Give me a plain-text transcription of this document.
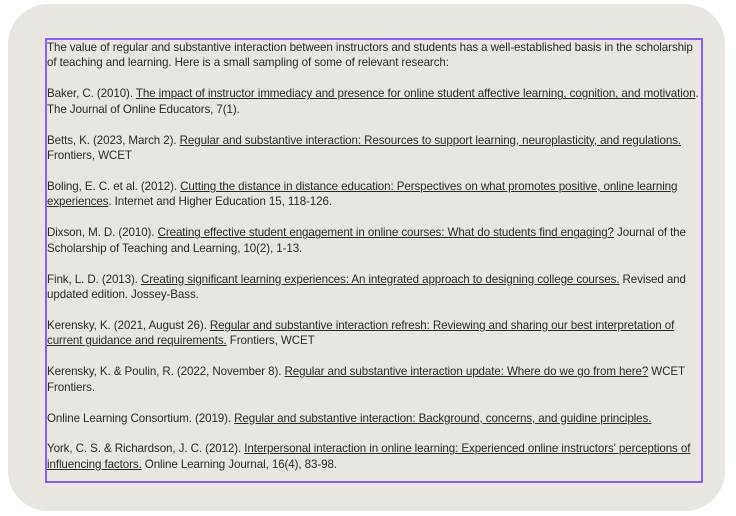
The value of regular and substantive interaction between instructors and students has a well-established basis in the scholarship of teaching and learning. Here is a small sampling of some of relevant research:

Baker, C. (2010). The impact of instructor immediacy and presence for online student affective learning, cognition, and motivation. The Journal of Online Educators, 7(1).

Betts, K. (2023, March 2). Regular and substantive interaction: Resources to support learning, neuroplasticity, and regulations. Frontiers, WCET

Boling, E. C. et al. (2012). Cutting the distance in distance education: Perspectives on what promotes positive, online learning experiences. Internet and Higher Education 15, 118-126.

Dixson, M. D. (2010). Creating effective student engagement in online courses: What do students find engaging? Journal of the Scholarship of Teaching and Learning, 10(2), 1-13.

Fink, L. D. (2013). Creating significant learning experiences: An integrated approach to designing college courses. Revised and updated edition. Jossey-Bass.

Kerensky, K. (2021, August 26). Regular and substantive interaction refresh: Reviewing and sharing our best interpretation of current guidance and requirements. Frontiers, WCET

Kerensky, K. & Poulin, R. (2022, November 8). Regular and substantive interaction update: Where do we go from here? WCET Frontiers.

Online Learning Consortium. (2019). Regular and substantive interaction: Background, concerns, and guidine principles.

York, C. S. & Richardson, J. C. (2012). Interpersonal interaction in online learning: Experienced online instructors' perceptions of influencing factors. Online Learning Journal, 16(4), 83-98.
